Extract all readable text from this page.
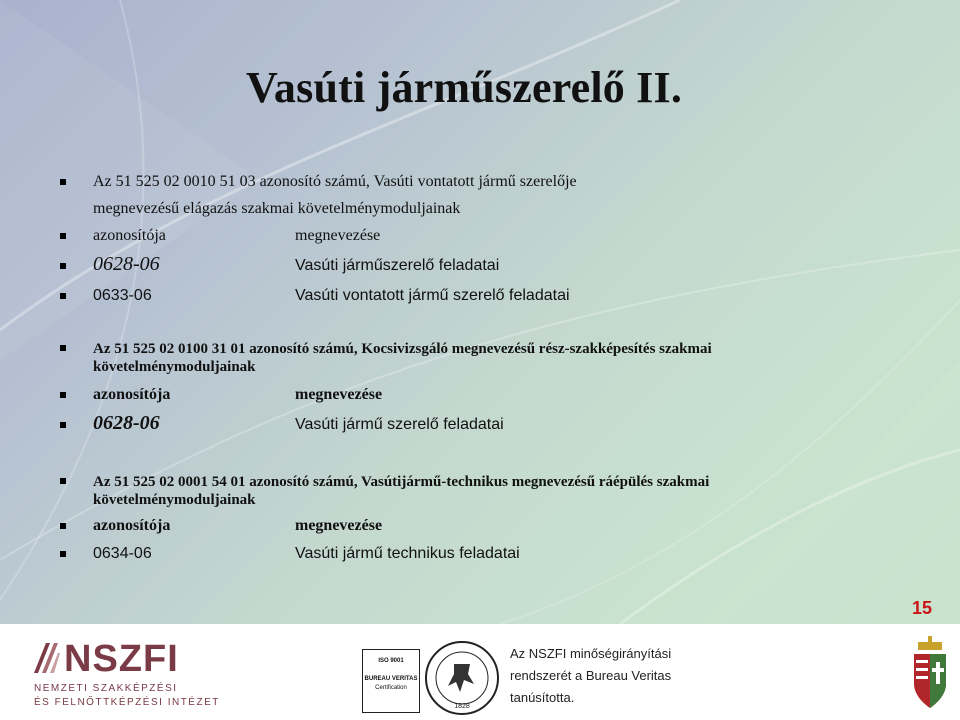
Vasúti járműszerelő II.
Az 51 525 02 0010 51 03 azonosító számú, Vasúti vontatott jármű szerelője
megnevezésű elágazás szakmai követelménymoduljainak
azonosítója	megnevezése
0628-06	Vasúti járműszerelő feladatai
0633-06	Vasúti vontatott jármű szerelő feladatai
Az 51 525 02 0100 31 01 azonosító számú, Kocsivizsgáló megnevezésű rész-szakképesítés szakmai
követelménymoduljainak
azonosítója	megnevezése
0628-06	Vasúti jármű szerelő feladatai
Az 51 525 02 0001 54 01 azonosító számú, Vasútijármű-technikus megnevezésű ráépülés szakmai
követelménymoduljainak
azonosítója	megnevezése
0634-06	Vasúti jármű technikus feladatai
15
NSZFI
NEMZETI SZAKKÉPZÉSI
ÉS FELNŐTTKÉPZÉSI INTÉZET
ISO 9001
BUREAU VERITAS
Certification
1828
Az NSZFI minőségirányítási
rendszerét a Bureau Veritas
tanúsította.
